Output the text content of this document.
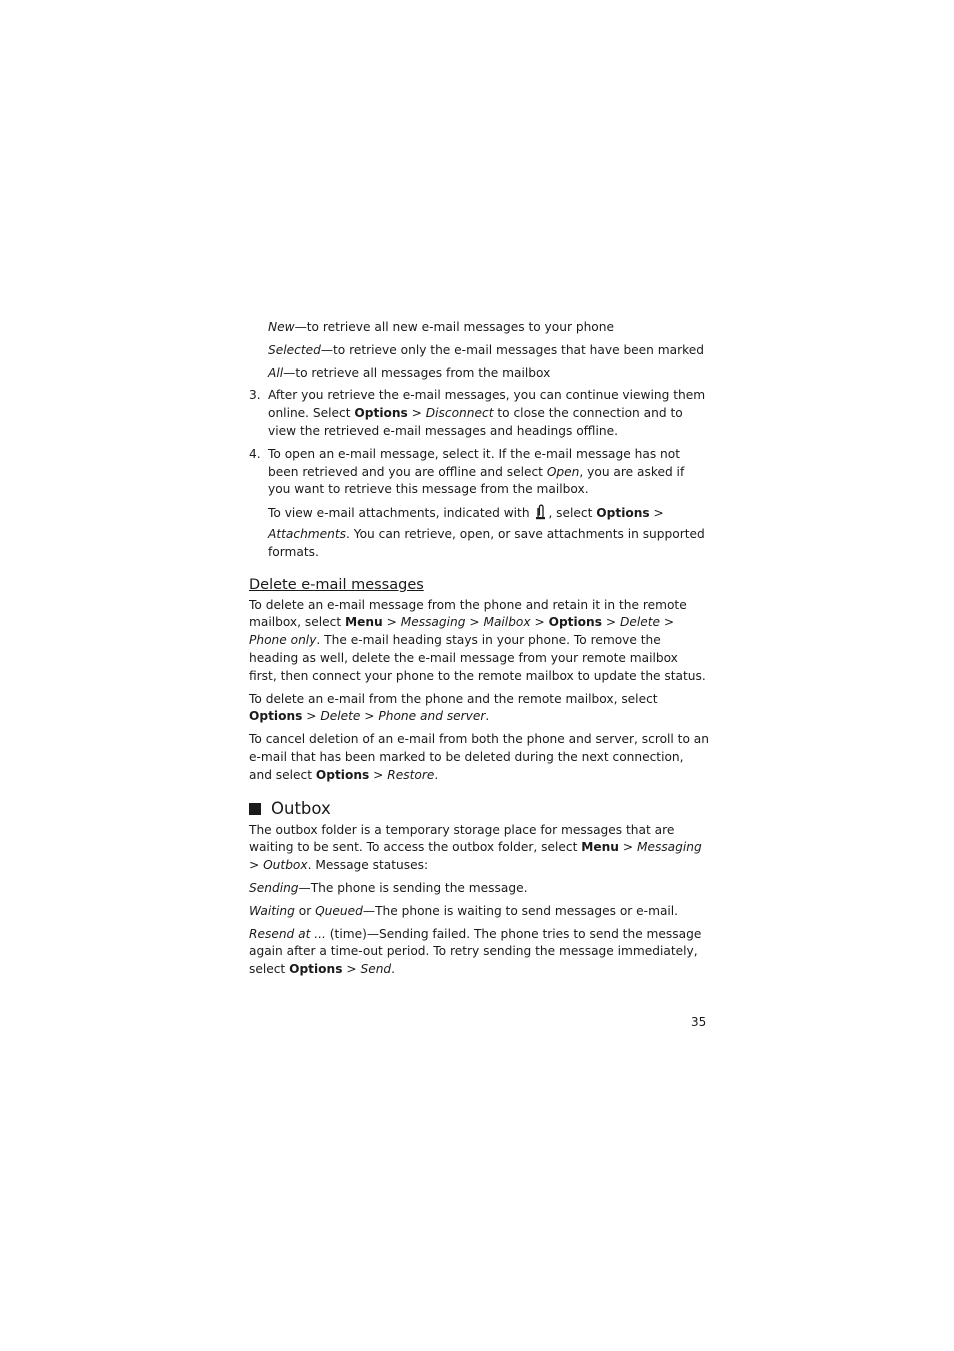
New—to retrieve all new e-mail messages to your phone

Selected—to retrieve only the e-mail messages that have been marked

All—to retrieve all messages from the mailbox

3. After you retrieve the e-mail messages, you can continue viewing them online. Select Options > Disconnect to close the connection and to view the retrieved e-mail messages and headings offline.

4. To open an e-mail message, select it. If the e-mail message has not been retrieved and you are offline and select Open, you are asked if you want to retrieve this message from the mailbox.

To view e-mail attachments, indicated with , select Options > Attachments. You can retrieve, open, or save attachments in supported formats.

Delete e-mail messages

To delete an e-mail message from the phone and retain it in the remote mailbox, select Menu > Messaging > Mailbox > Options > Delete > Phone only. The e-mail heading stays in your phone. To remove the heading as well, delete the e-mail message from your remote mailbox first, then connect your phone to the remote mailbox to update the status.

To delete an e-mail from the phone and the remote mailbox, select Options > Delete > Phone and server.

To cancel deletion of an e-mail from both the phone and server, scroll to an e-mail that has been marked to be deleted during the next connection, and select Options > Restore.

Outbox

The outbox folder is a temporary storage place for messages that are waiting to be sent. To access the outbox folder, select Menu > Messaging > Outbox. Message statuses:

Sending—The phone is sending the message.

Waiting or Queued—The phone is waiting to send messages or e-mail.

Resend at ... (time)—Sending failed. The phone tries to send the message again after a time-out period. To retry sending the message immediately, select Options > Send.

35
